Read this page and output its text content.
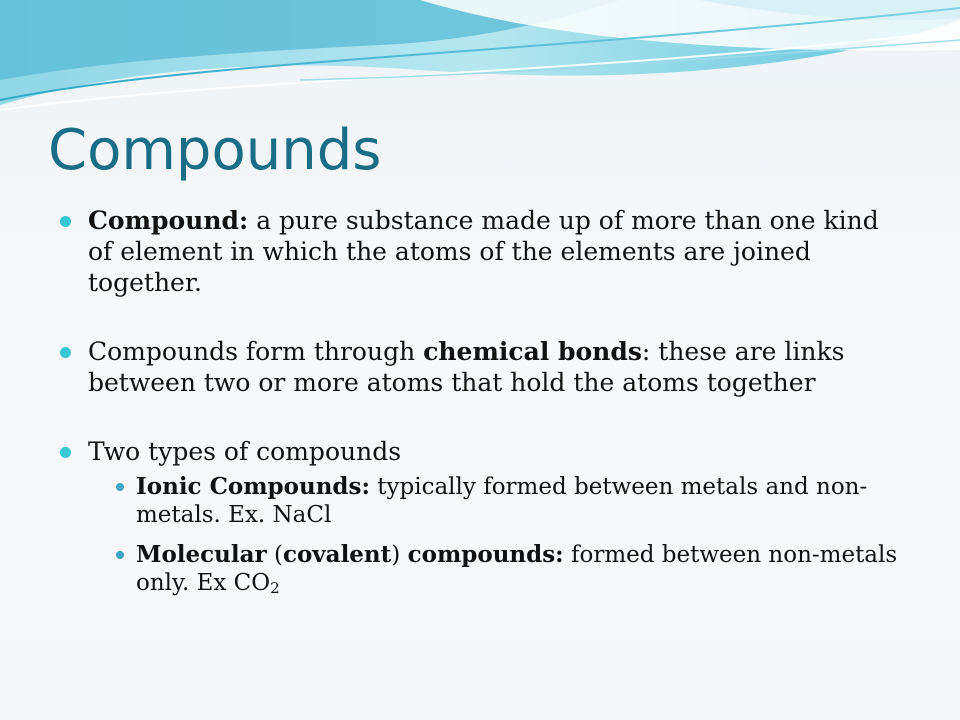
Compounds
Compound: a pure substance made up of more than one kind of element in which the atoms of the elements are joined together.
Compounds form through chemical bonds: these are links between two or more atoms that hold the atoms together
Two types of compounds
Ionic Compounds: typically formed between metals and non-metals. Ex. NaCl
Molecular (covalent) compounds: formed between non-metals only. Ex CO2
